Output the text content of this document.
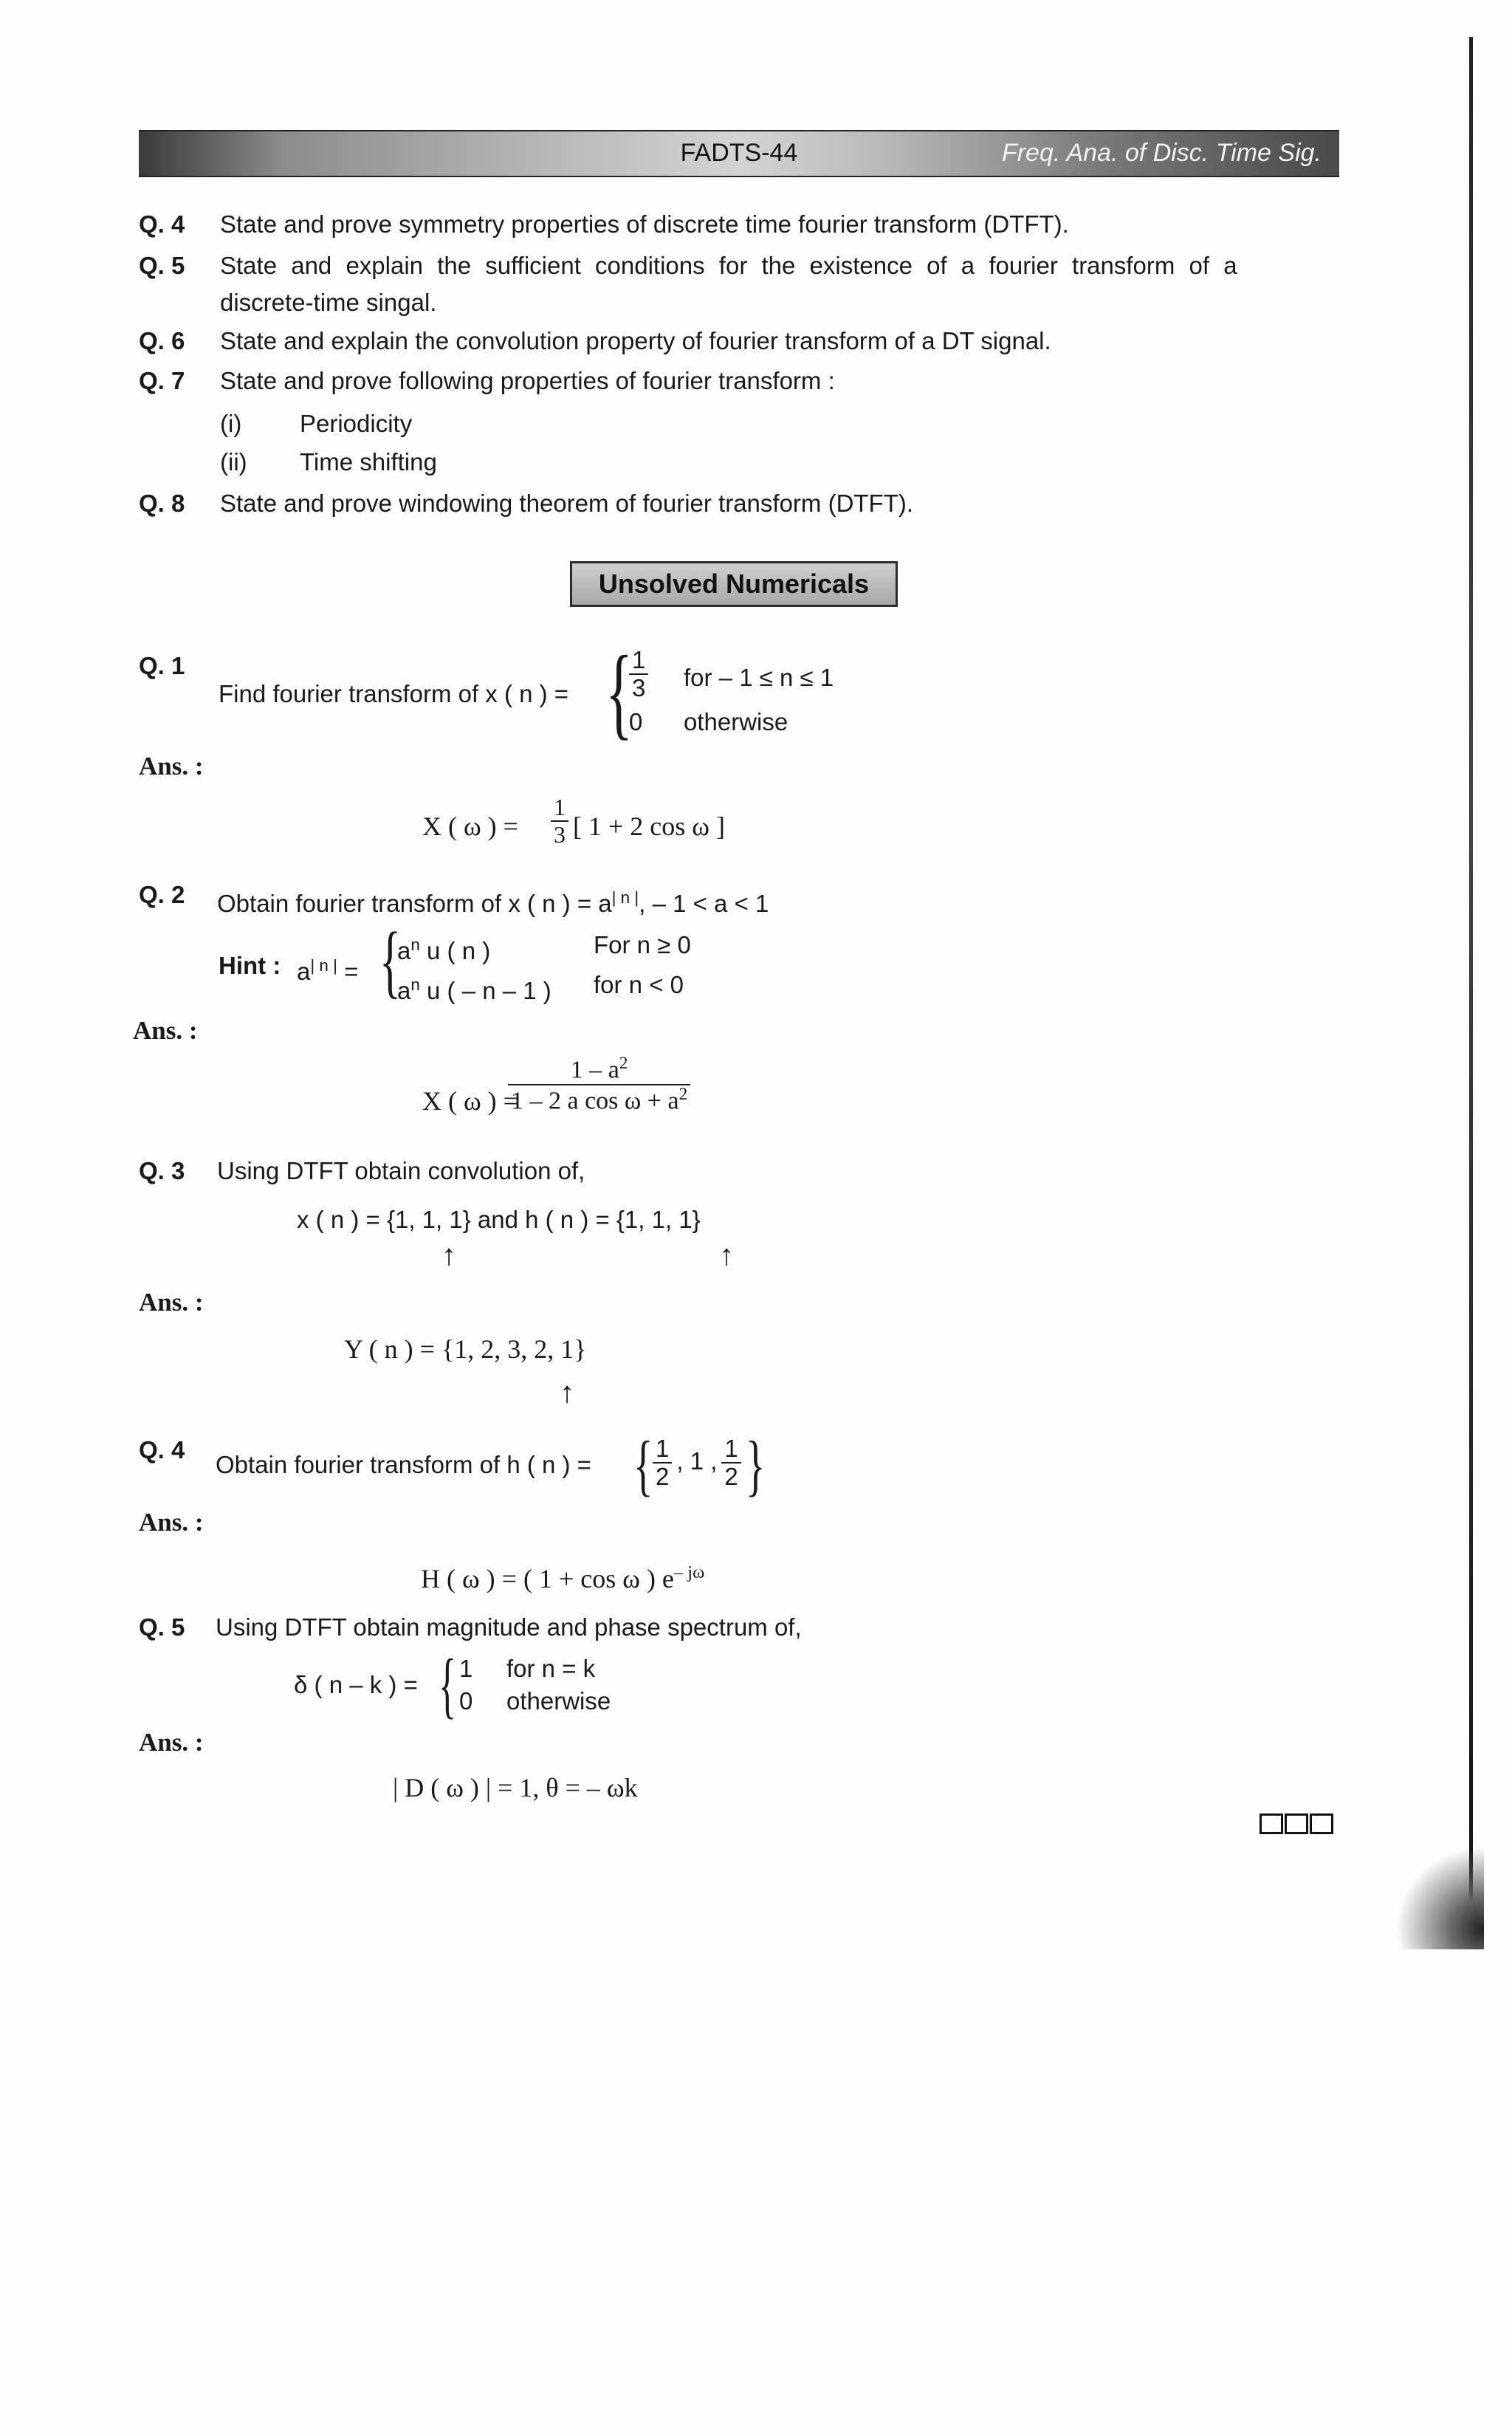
FADTS-44	Freq. Ana. of Disc. Time Sig.
Q. 4 State and prove symmetry properties of discrete time fourier transform (DTFT).
Q. 5 State and explain the sufficient conditions for the existence of a fourier transform of a
discrete-time singal.
Q. 6 State and explain the convolution property of fourier transform of a DT signal.
Q. 7 State and prove following properties of fourier transform :
(i) Periodicity
(ii) Time shifting
Q. 8 State and prove windowing theorem of fourier transform (DTFT).
Unsolved Numericals
Q. 1
Find fourier transform of x ( n ) = {
$\frac{1}{3}$ for – 1 ≤ n ≤ 1
0 otherwise
Ans. :
X ( ω ) = $\frac{1}{3}$ [ 1 + 2 cos ω ]
Q. 2 Obtain fourier transform of x ( n ) = $a^{| n |}$, – 1 < a < 1
Hint : $a^{| n |}$ = {
$a^n$ u ( n )	For n ≥ 0
$a^n$ u ( – n – 1 ) for n < 0
Ans. :
X ( ω ) =
$\frac{1 - a^2}{1 - 2 a \cos \omega + a^2}$
Q. 3 Using DTFT obtain convolution of,
x ( n ) = {1, 1, 1} and h ( n ) = {1, 1, 1}
↑	↑
Ans. :
Y ( n ) = {1, 2, 3, 2, 1}
↑
Q. 4
Obtain fourier transform of h ( n ) = { $\frac{1}{2}$ , 1 , $\frac{1}{2}$ }
Ans. :
H ( ω ) = ( 1 + cos ω ) $e^{- j\omega}$
Q. 5 Using DTFT obtain magnitude and phase spectrum of,
δ ( n – k ) = { 1 for n = k
0 otherwise
Ans. :
| D ( ω ) | = 1, θ = – ωk
